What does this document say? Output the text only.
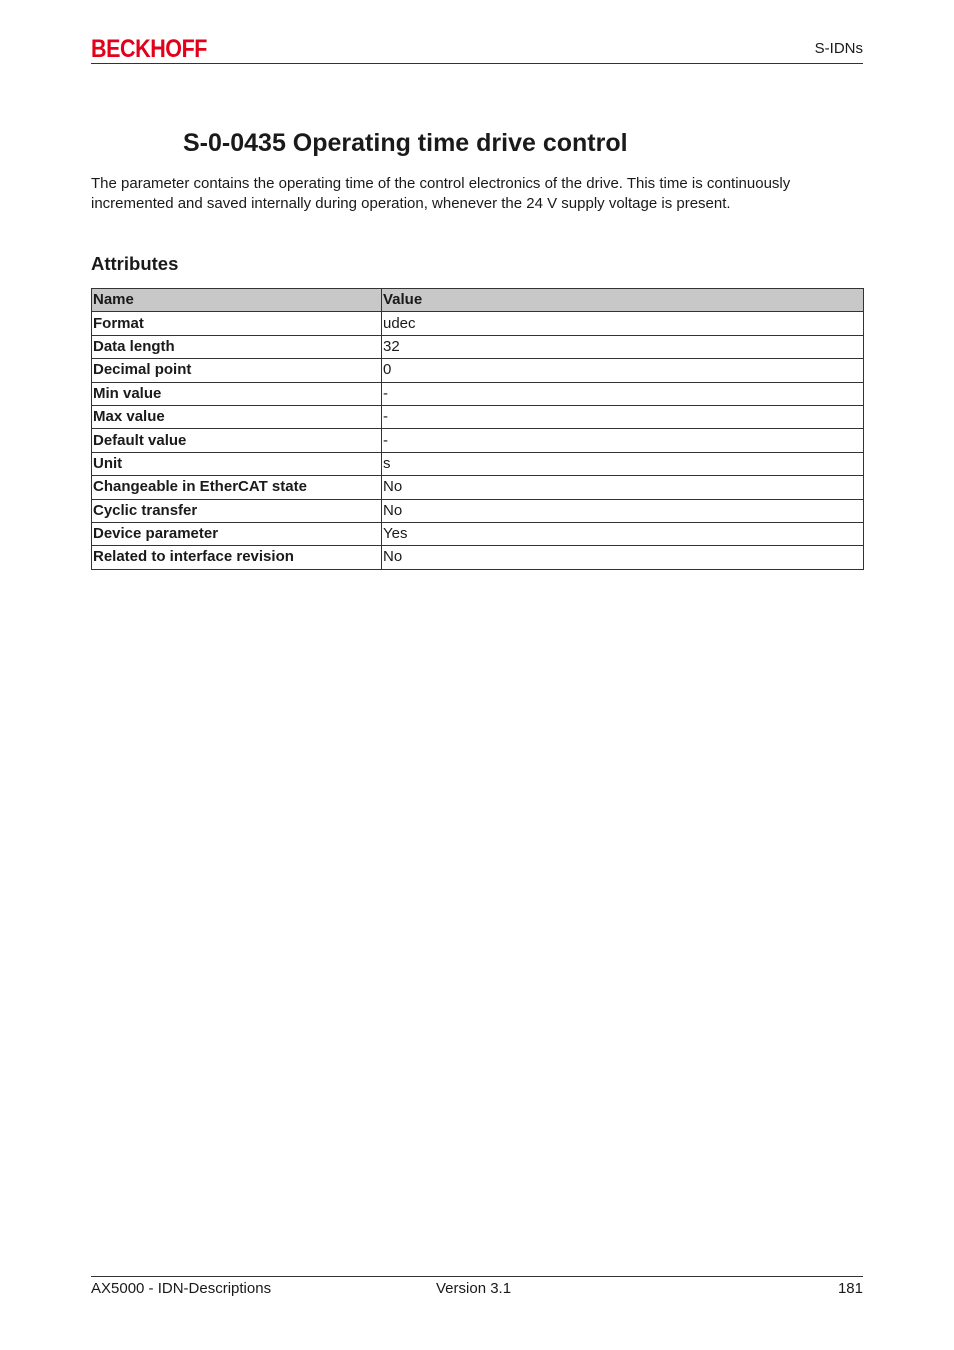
BECKHOFF	S-IDNs
S-0-0435 Operating time drive control

The parameter contains the operating time of the control electronics of the drive. This time is continuously incremented and saved internally during operation, whenever the 24 V supply voltage is present.

Attributes
Name	Value
Format	udec
Data length	32
Decimal point	0
Min value	-
Max value	-
Default value	-
Unit	s
Changeable in EtherCAT state	No
Cyclic transfer	No
Device parameter	Yes
Related to interface revision	No
AX5000 - IDN-Descriptions	Version 3.1	181
